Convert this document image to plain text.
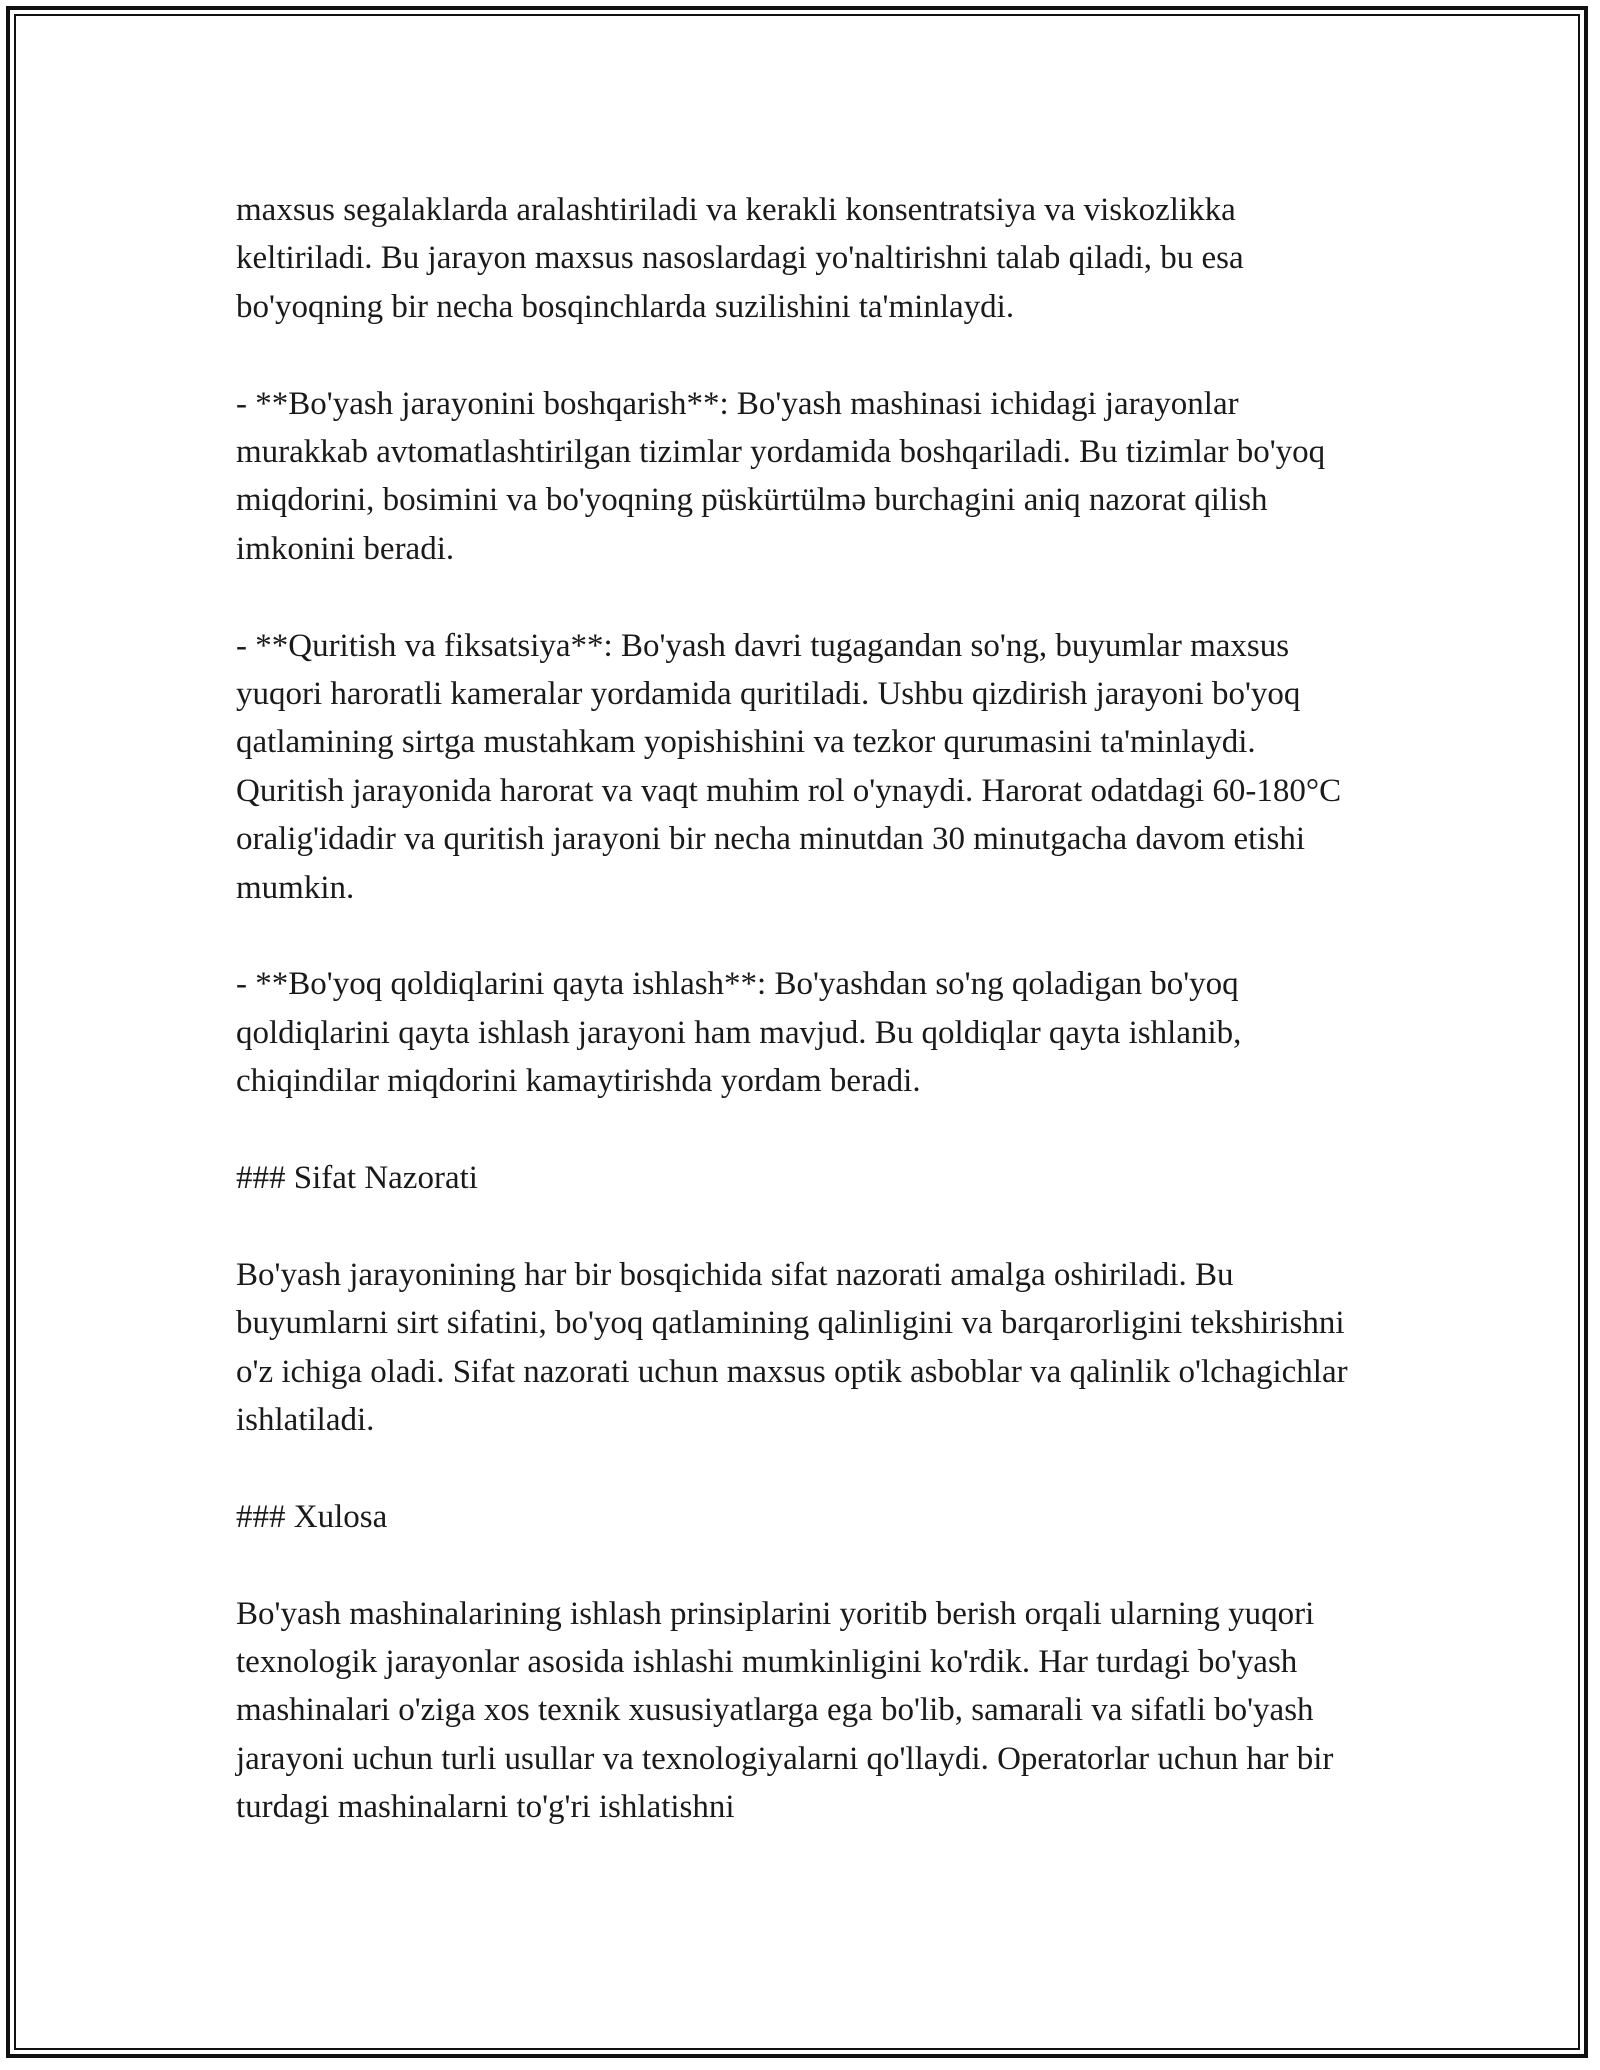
maxsus segalaklarda aralashtiriladi va kerakli konsentratsiya va viskozlikka keltiriladi. Bu jarayon maxsus nasoslardagi yo'naltirishni talab qiladi, bu esa bo'yoqning bir necha bosqinchlarda suzilishini ta'minlaydi.

- **Bo'yash jarayonini boshqarish**: Bo'yash mashinasi ichidagi jarayonlar murakkab avtomatlashtirilgan tizimlar yordamida boshqariladi. Bu tizimlar bo'yoq miqdorini, bosimini va bo'yoqning püskürtülmə burchagini aniq nazorat qilish imkonini beradi.

- **Quritish va fiksatsiya**: Bo'yash davri tugagandan so'ng, buyumlar maxsus yuqori haroratli kameralar yordamida quritiladi. Ushbu qizdirish jarayoni bo'yoq qatlamining sirtga mustahkam yopishishini va tezkor qurumasini ta'minlaydi. Quritish jarayonida harorat va vaqt muhim rol o'ynaydi. Harorat odatdagi 60-180°C oralig'idadir va quritish jarayoni bir necha minutdan 30 minutgacha davom etishi mumkin.

- **Bo'yoq qoldiqlarini qayta ishlash**: Bo'yashdan so'ng qoladigan bo'yoq qoldiqlarini qayta ishlash jarayoni ham mavjud. Bu qoldiqlar qayta ishlanib, chiqindilar miqdorini kamaytirishda yordam beradi.

### Sifat Nazorati

Bo'yash jarayonining har bir bosqichida sifat nazorati amalga oshiriladi. Bu buyumlarni sirt sifatini, bo'yoq qatlamining qalinligini va barqarorligini tekshirishni o'z ichiga oladi. Sifat nazorati uchun maxsus optik asboblar va qalinlik o'lchagichlar ishlatiladi.

### Xulosa

Bo'yash mashinalarining ishlash prinsiplarini yoritib berish orqali ularning yuqori texnologik jarayonlar asosida ishlashi mumkinligini ko'rdik. Har turdagi bo'yash mashinalari o'ziga xos texnik xususiyatlarga ega bo'lib, samarali va sifatli bo'yash jarayoni uchun turli usullar va texnologiyalarni qo'llaydi. Operatorlar uchun har bir turdagi mashinalarni to'g'ri ishlatishni
